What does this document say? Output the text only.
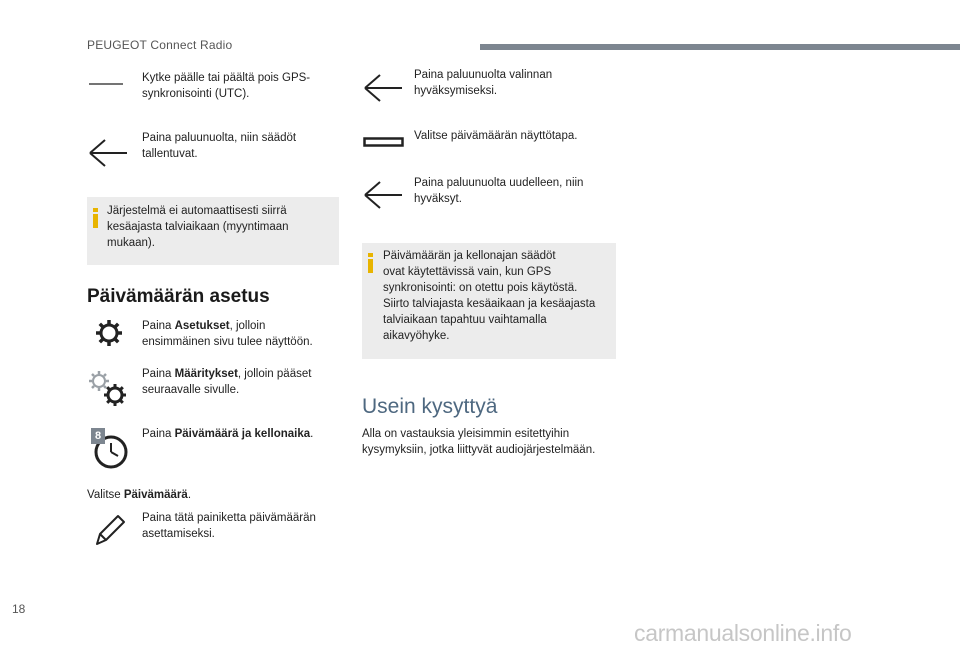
PEUGEOT Connect Radio
Kytke päälle tai päältä pois GPS-synkronisointi (UTC).
Paina paluunuolta, niin säädöt tallentuvat.
Järjestelmä ei automaattisesti siirrä kesäajasta talviaikaan (myyntimaan mukaan).
Päivämäärän asetus
Paina Asetukset, jolloin ensimmäinen sivu tulee näyttöön.
Paina Määritykset, jolloin pääset seuraavalle sivulle.
8	Paina Päivämäärä ja kellonaika.
Valitse Päivämäärä.
Paina tätä painiketta päivämäärän asettamiseksi.
Paina paluunuolta valinnan hyväksymiseksi.
Valitse päivämäärän näyttötapa.
Paina paluunuolta uudelleen, niin hyväksyt.
Päivämäärän ja kellonajan säädöt
ovat käytettävissä vain, kun GPS
synkronisointi: on otettu pois käytöstä.
Siirto talviajasta kesäaikaan ja kesäajasta
talviaikaan tapahtuu vaihtamalla
aikavyöhyke.
Usein kysyttyä
Alla on vastauksia yleisimmin esitettyihin kysymyksiin, jotka liittyvät audiojärjestelmään.
18
carmanualsonline.info
